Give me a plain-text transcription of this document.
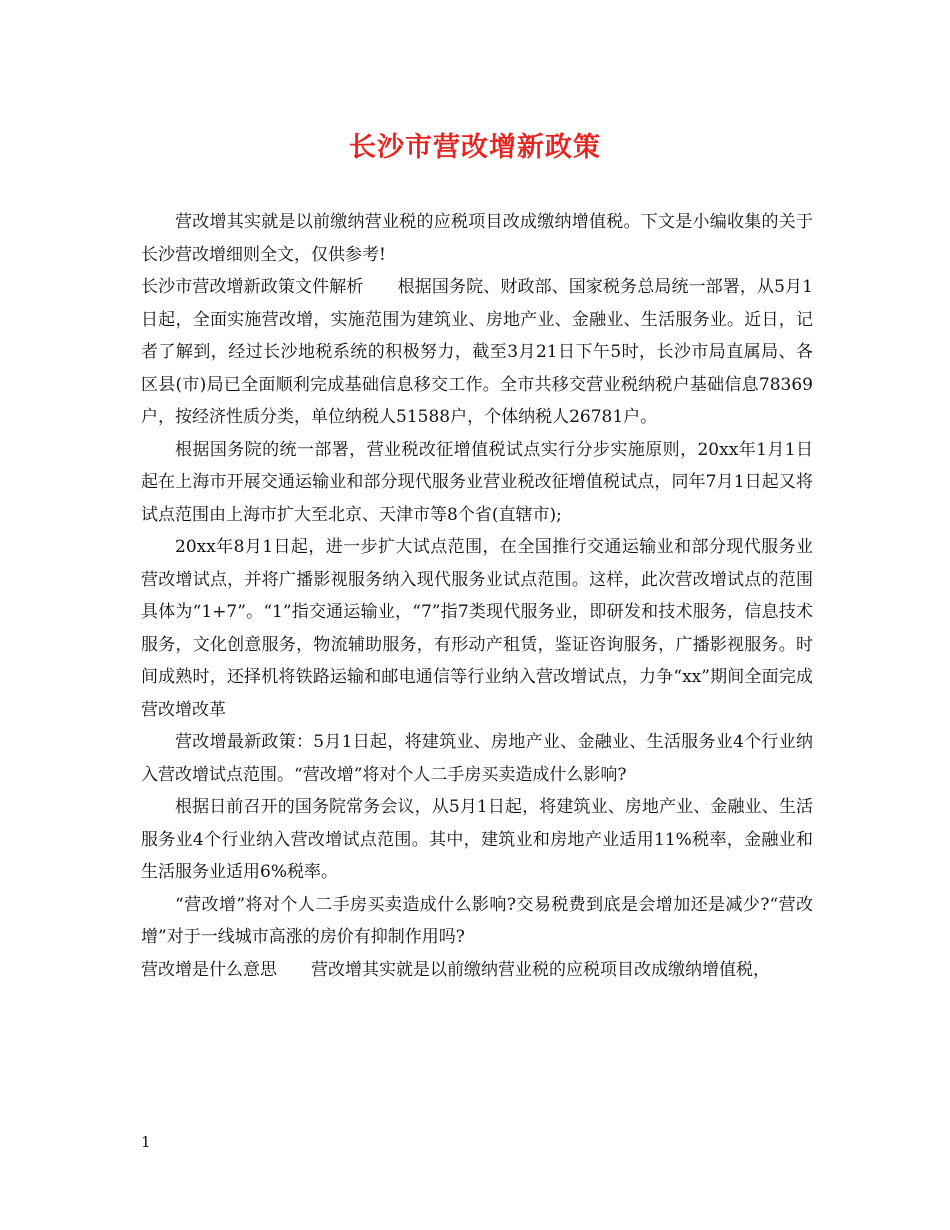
长沙市营改增新政策

营改增其实就是以前缴纳营业税的应税项目改成缴纳增值税。下文是小编收集的关于长沙营改增细则全文，仅供参考!

长沙市营改增新政策文件解析　　根据国务院、财政部、国家税务总局统一部署，从5月1日起，全面实施营改增，实施范围为建筑业、房地产业、金融业、生活服务业。近日，记者了解到，经过长沙地税系统的积极努力，截至3月21日下午5时，长沙市局直属局、各区县(市)局已全面顺利完成基础信息移交工作。全市共移交营业税纳税户基础信息78369户，按经济性质分类，单位纳税人51588户，个体纳税人26781户。

根据国务院的统一部署，营业税改征增值税试点实行分步实施原则，20xx年1月1日起在上海市开展交通运输业和部分现代服务业营业税改征增值税试点，同年7月1日起又将试点范围由上海市扩大至北京、天津市等8个省(直辖市);

20xx年8月1日起，进一步扩大试点范围，在全国推行交通运输业和部分现代服务业营改增试点，并将广播影视服务纳入现代服务业试点范围。这样，此次营改增试点的范围具体为“1+7”。“1”指交通运输业，“7”指7类现代服务业，即研发和技术服务，信息技术服务，文化创意服务，物流辅助服务，有形动产租赁，鉴证咨询服务，广播影视服务。时间成熟时，还择机将铁路运输和邮电通信等行业纳入营改增试点，力争“xx”期间全面完成营改增改革

营改增最新政策：5月1日起，将建筑业、房地产业、金融业、生活服务业4个行业纳入营改增试点范围。“营改增”将对个人二手房买卖造成什么影响?

根据日前召开的国务院常务会议，从5月1日起，将建筑业、房地产业、金融业、生活服务业4个行业纳入营改增试点范围。其中，建筑业和房地产业适用11%税率，金融业和生活服务业适用6%税率。

“营改增”将对个人二手房买卖造成什么影响?交易税费到底是会增加还是减少?“营改增”对于一线城市高涨的房价有抑制作用吗?

营改增是什么意思　　营改增其实就是以前缴纳营业税的应税项目改成缴纳增值税，

1
